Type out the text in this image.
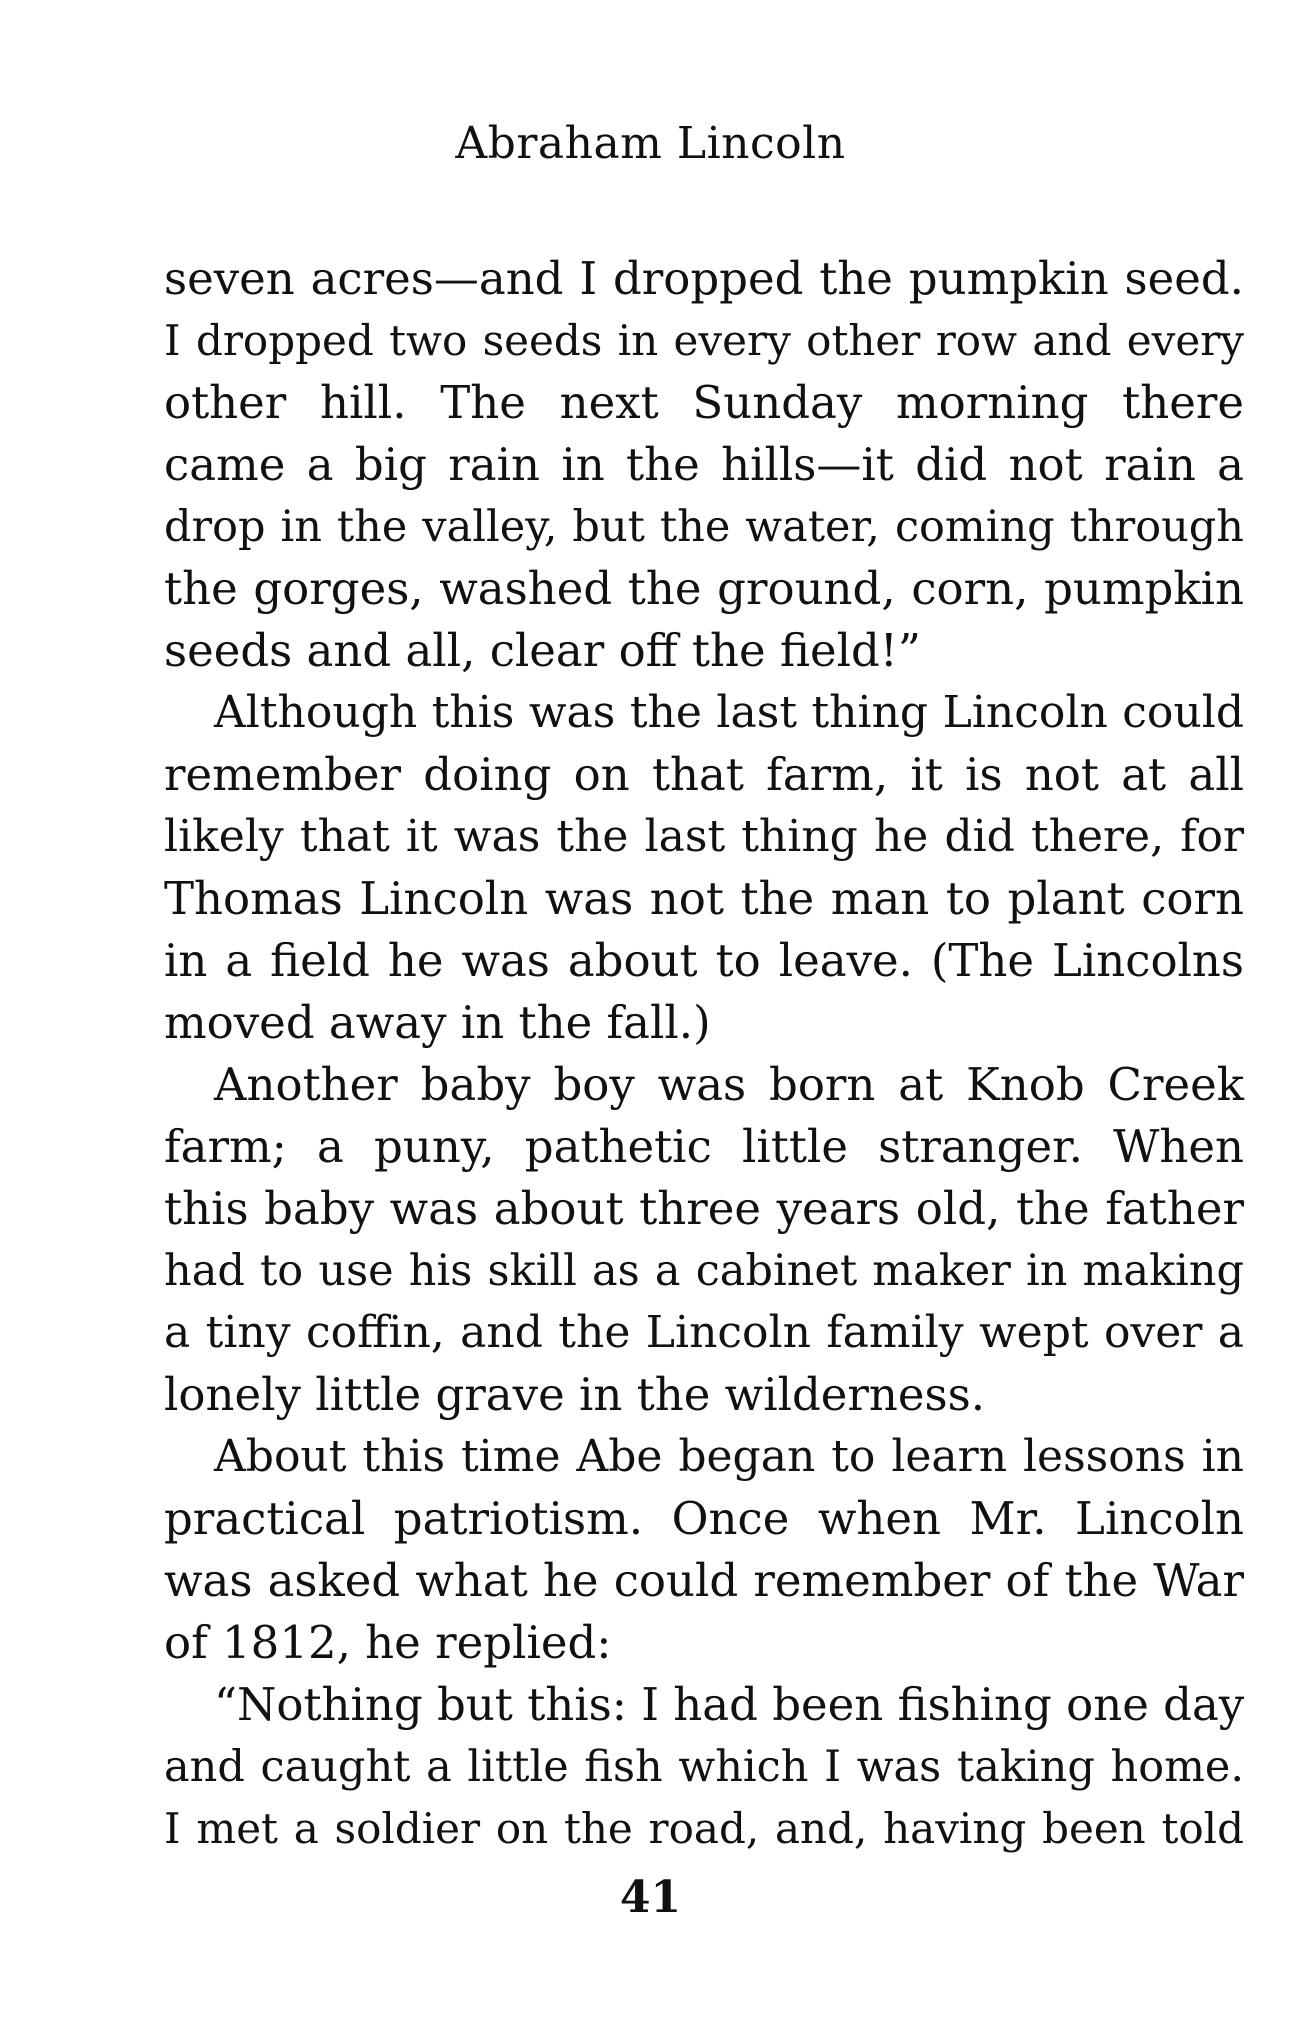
Abraham Lincoln
seven acres—and I dropped the pumpkin seed.
I dropped two seeds in every other row and every
other hill. The next Sunday morning there
came a big rain in the hills—it did not rain a
drop in the valley, but the water, coming through
the gorges, washed the ground, corn, pumpkin
seeds and all, clear off the field!”
Although this was the last thing Lincoln could
remember doing on that farm, it is not at all
likely that it was the last thing he did there, for
Thomas Lincoln was not the man to plant corn
in a field he was about to leave. (The Lincolns
moved away in the fall.)
Another baby boy was born at Knob Creek
farm; a puny, pathetic little stranger. When
this baby was about three years old, the father
had to use his skill as a cabinet maker in making
a tiny coffin, and the Lincoln family wept over a
lonely little grave in the wilderness.
About this time Abe began to learn lessons in
practical patriotism. Once when Mr. Lincoln
was asked what he could remember of the War
of 1812, he replied:
“Nothing but this: I had been fishing one day
and caught a little fish which I was taking home.
I met a soldier on the road, and, having been told
41
